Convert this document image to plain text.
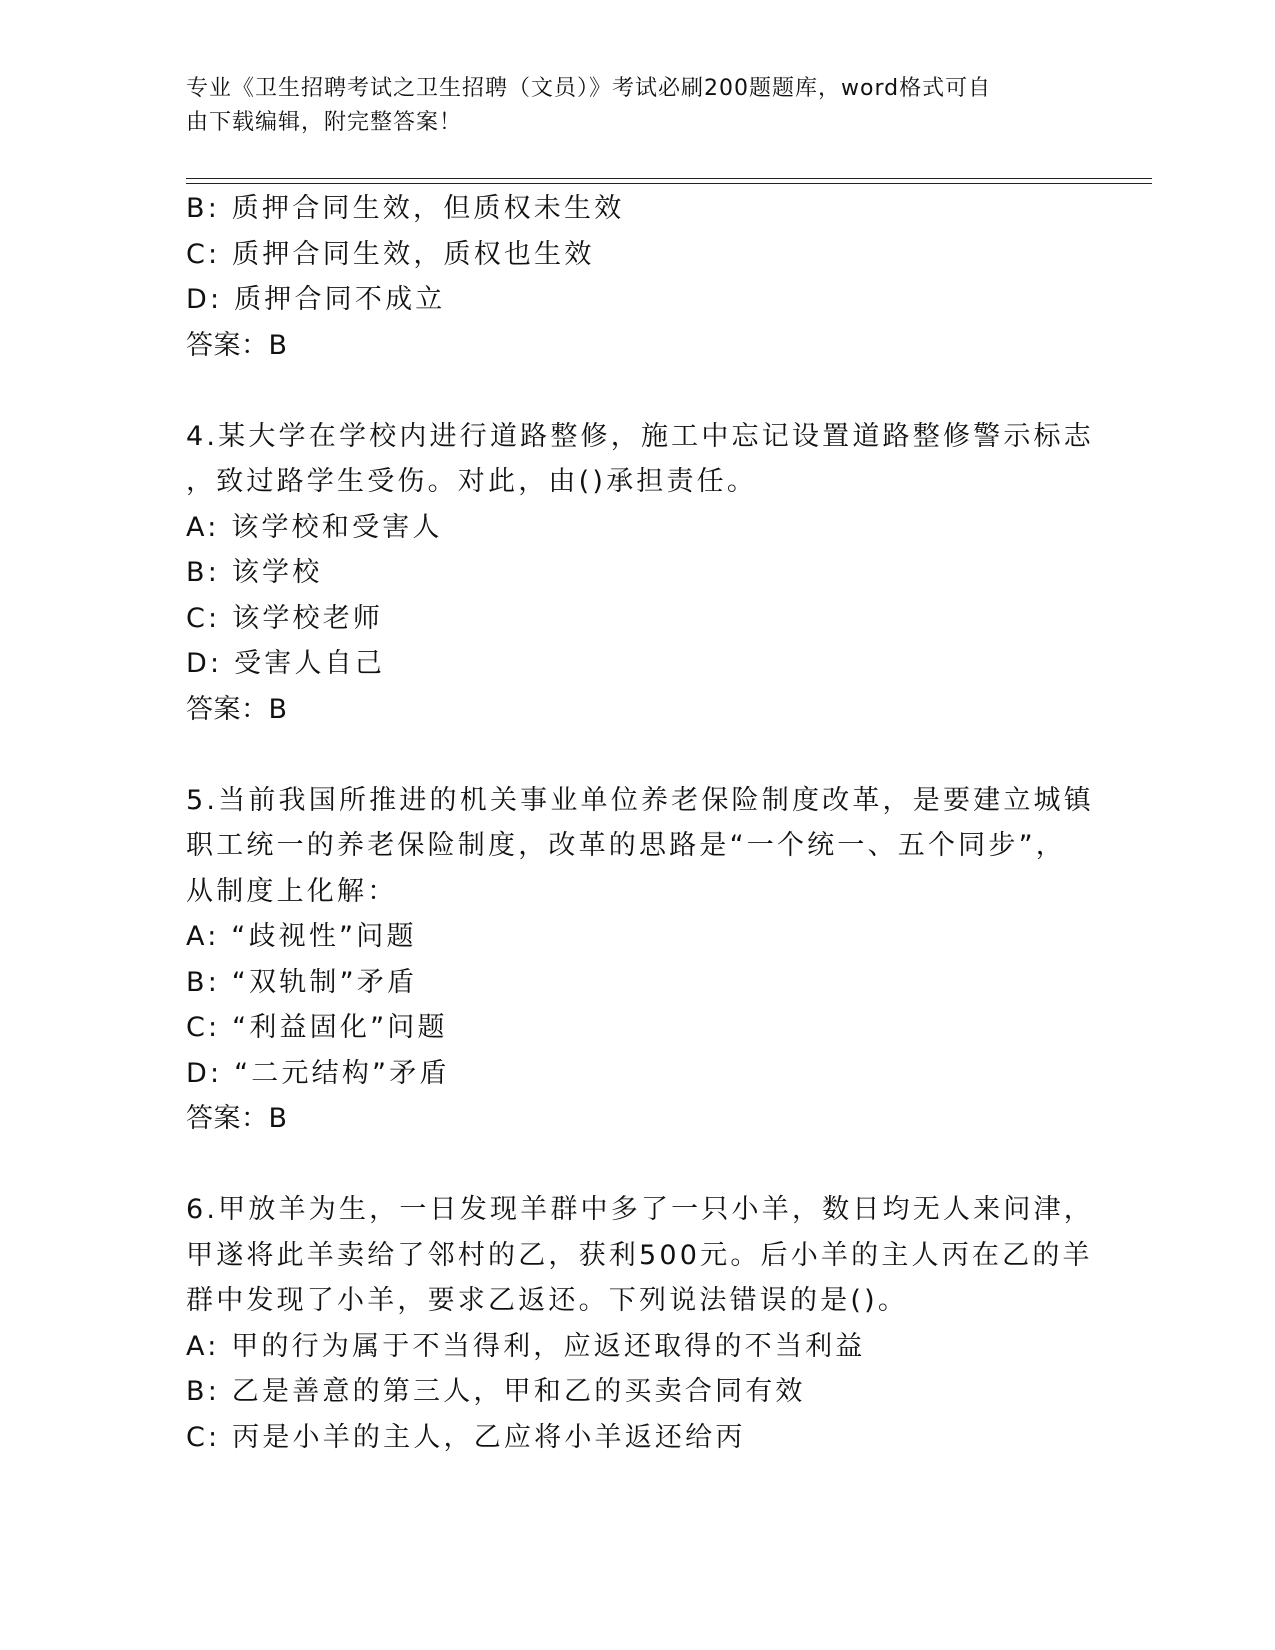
专业《卫生招聘考试之卫生招聘（文员）》考试必刷200题题库，word格式可自
由下载编辑，附完整答案！

B: 质押合同生效，但质权未生效

C: 质押合同生效，质权也生效

D: 质押合同不成立

答案：B

4.某大学在学校内进行道路整修，施工中忘记设置道路整修警示标志

，致过路学生受伤。对此，由()承担责任。

A: 该学校和受害人

B: 该学校

C: 该学校老师

D: 受害人自己

答案：B

5.当前我国所推进的机关事业单位养老保险制度改革，是要建立城镇

职工统一的养老保险制度，改革的思路是“一个统一、五个同步”，

从制度上化解：

A: “歧视性”问题

B: “双轨制”矛盾

C: “利益固化”问题

D: “二元结构”矛盾

答案：B

6.甲放羊为生，一日发现羊群中多了一只小羊，数日均无人来问津，

甲遂将此羊卖给了邻村的乙，获利500元。后小羊的主人丙在乙的羊

群中发现了小羊，要求乙返还。下列说法错误的是()。

A: 甲的行为属于不当得利，应返还取得的不当利益

B: 乙是善意的第三人，甲和乙的买卖合同有效

C: 丙是小羊的主人，乙应将小羊返还给丙
